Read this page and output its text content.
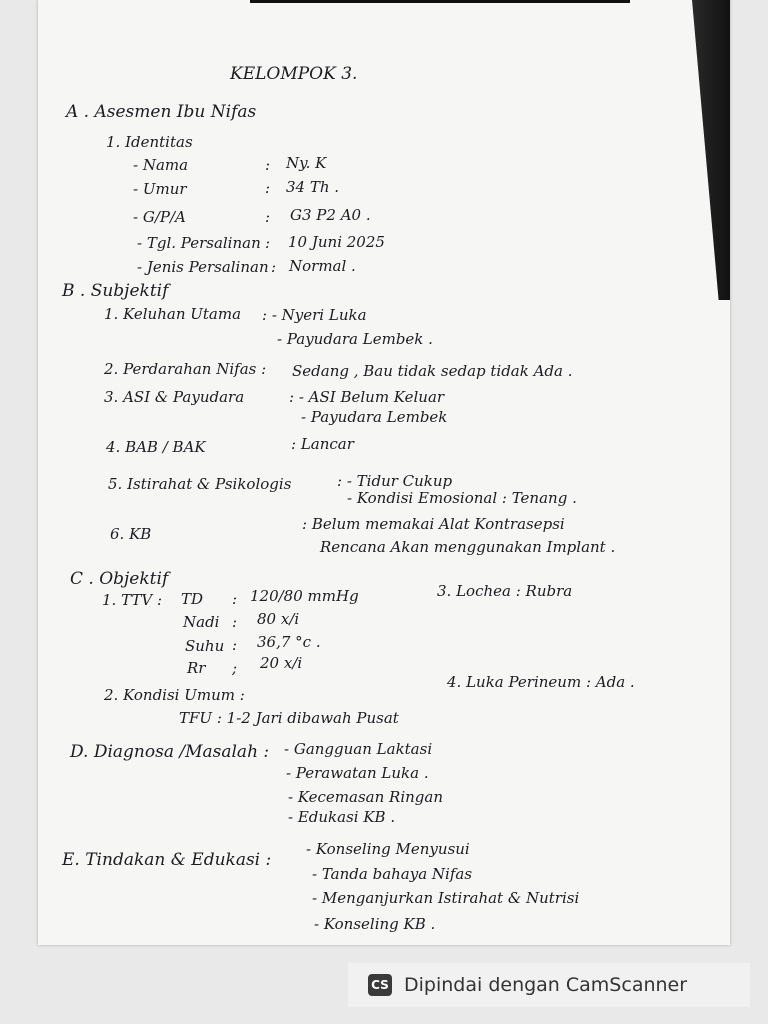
KELOMPOK 3.
A . Asesmen Ibu Nifas
1. Identitas
- Nama	: Ny. K
- Umur	: 34 Th .
- G/P/A	: G3 P2 A0 .
- Tgl. Persalinan : 10 Juni 2025
- Jenis Persalinan : Normal .
B . Subjektif
1. Keluhan Utama : - Nyeri Luka
- Payudara Lembek .
2. Perdarahan Nifas : Sedang , Bau tidak sedap tidak Ada .
3. ASI & Payudara	: - ASI Belum Keluar
- Payudara Lembek
4. BAB / BAK	: Lancar
5. Istirahat & Psikologis	: - Tidur Cukup
- Kondisi Emosional : Tenang .
6. KB
: Belum memakai Alat Kontrasepsi
Rencana Akan menggunakan Implant .
C . Objektif
1. TTV : TD : 120/80 mmHg
Nadi : 80 x/i
Suhu : 36,7 °c .
Rr ; 20 x/i
3. Lochea : Rubra
4. Luka Perineum : Ada .
2. Kondisi Umum :
TFU : 1-2 Jari dibawah Pusat
D. Diagnosa /Masalah : - Gangguan Laktasi
- Perawatan Luka .
- Kecemasan Ringan
- Edukasi KB .
E. Tindakan & Edukasi :
- Konseling Menyusui
- Tanda bahaya Nifas
- Menganjurkan Istirahat & Nutrisi
- Konseling KB .
CS Dipindai dengan CamScanner
